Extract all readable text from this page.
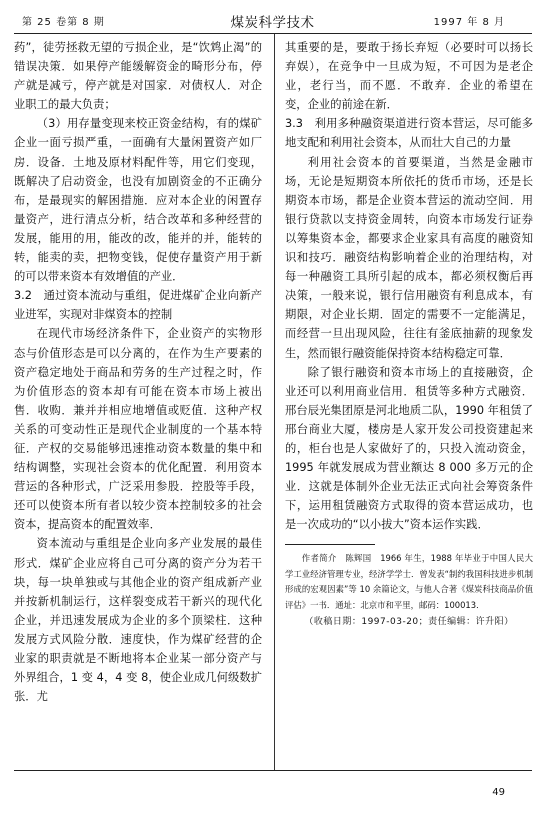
第 25 卷第 8 期	煤炭科学技术	1997 年 8 月

药”，徒劳拯救无望的亏损企业，是“饮鸩止渴”的错误决策．如果停产能缓解资金的畸形分布，停产就是减亏，停产就是对国家．对债权人．对企业职工的最大负责；

（3）用存量变现来校正资金结构，有的煤矿企业一面亏损严重，一面确有大量闲置资产如厂房．设备．土地及原材料配件等，用它们变现，既解决了启动资金，也没有加剧资金的不正确分布，是最现实的解困措施．应对本企业的闲置存量资产，进行清点分析，结合改革和多种经营的发展，能用的用，能改的改，能并的并，能转的转，能卖的卖，把物变钱，促使存量资产用于新的可以带来资本有效增值的产业．

3.2　通过资本流动与重组，促进煤矿企业向新产业进军，实现对非煤资本的控制

在现代市场经济条件下，企业资产的实物形态与价值形态是可以分离的，在作为生产要素的资产稳定地处于商品和劳务的生产过程之时，作为价值形态的资本却有可能在资本市场上被出售．收购．兼并并相应地增值或贬值．这种产权关系的可变动性正是现代企业制度的一个基本特征．产权的交易能够迅速推动资本数量的集中和结构调整，实现社会资本的优化配置．利用资本营运的各种形式，广泛采用参股．控股等手段，还可以使资本所有者以较少资本控制较多的社会资本，提高资本的配置效率．

资本流动与重组是企业向多产业发展的最佳形式．煤矿企业应将自己可分离的资产分为若干块，每一块单独或与其他企业的资产组成新产业并按新机制运行，这样裂变成若干新兴的现代化企业，并迅速发展成为企业的多个顶梁柱．这种发展方式风险分散．速度快，作为煤矿经营的企业家的职责就是不断地将本企业某一部分资产与外界组合，1 变 4，4 变 8，使企业成几何级数扩张．尤

其重要的是，要敢于扬长弃短（必要时可以扬长弃娱），在竞争中一旦成为短，不可因为是老企业，老行当，而不愿．不敢弃．企业的希望在变，企业的前途在新．

3.3　利用多种融资渠道进行资本营运，尽可能多地支配和利用社会资本，从而壮大自己的力量

利用社会资本的首要渠道，当然是金融市场，无论是短期资本所依托的货币市场，还是长期资本市场，都是企业资本营运的流动空间．用银行贷款以支持资金周转，向资本市场发行证券以筹集资本金，都要求企业家具有高度的融资知识和技巧．融资结构影响着企业的治理结构，对每一种融资工具所引起的成本，都必须权衡后再决策，一般来说，银行信用融资有利息成本，有期限，对企业长期．固定的需要不一定能满足，而经营一旦出现风险，往往有釜底抽薪的现象发生，然而银行融资能保持资本结构稳定可靠．

除了银行融资和资本市场上的直接融资，企业还可以利用商业信用．租赁等多种方式融资．邢台辰光集团原是河北地质二队，1990 年租赁了邢台商业大厦，楼房是人家开发公司投资建起来的，柜台也是人家做好了的，只投入流动资金，1995 年就发展成为营业额达 8 000 多万元的企业．这就是体制外企业无法正式向社会筹资条件下，运用租赁融资方式取得的资本营运成功，也是一次成功的“以小拔大”资本运作实践．

作者简介　陈辉国　1966 年生，1988 年毕业于中国人民大学工业经济管理专业，经济学学士．曾发表“制约我国科技进步机制形成的宏观因素”等 10 余篇论文，与他人合著《煤炭科技商品价值评估》一书．通址：北京市和平里，邮码：100013．

（收稿日期：1997-03-20；责任编辑：许升阳）

49
